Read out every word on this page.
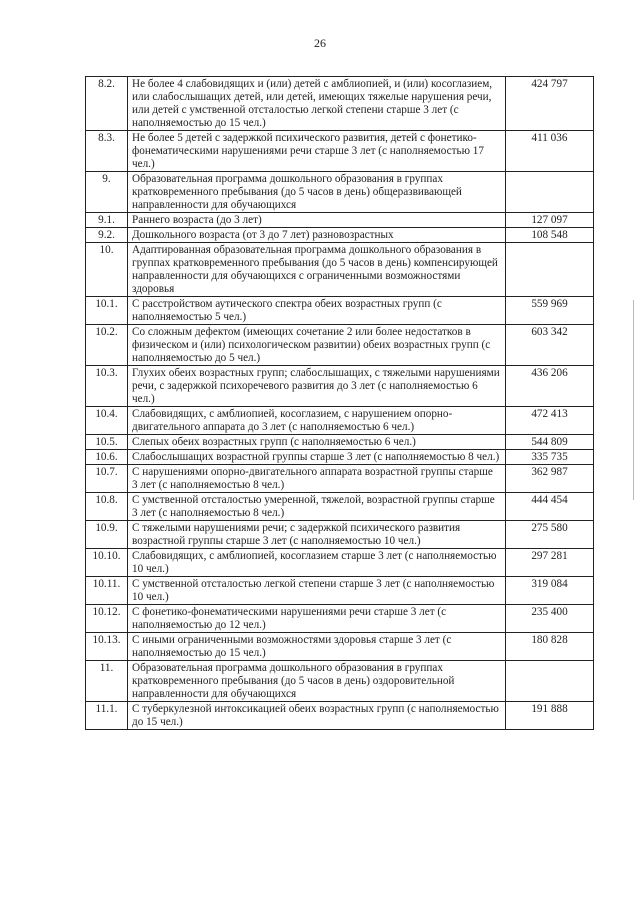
26
8.2.	Не более 4 слабовидящих и (или) детей с амблиопией, и (или) косоглазием, или слабослышащих детей, или детей, имеющих тяжелые нарушения речи, или детей с умственной отсталостью легкой степени старше 3 лет (с наполняемостью до 15 чел.)	424 797
8.3.	Не более 5 детей с задержкой психического развития, детей с фонетико-фонематическими нарушениями речи старше 3 лет (с наполняемостью 17 чел.)	411 036
9.	Образовательная программа дошкольного образования в группах кратковременного пребывания (до 5 часов в день) общеразвивающей направленности для обучающихся	
9.1.	Раннего возраста (до 3 лет)	127 097
9.2.	Дошкольного возраста (от 3 до 7 лет) разновозрастных	108 548
10.	Адаптированная образовательная программа дошкольного образования в группах кратковременного пребывания (до 5 часов в день) компенсирующей направленности для обучающихся с ограниченными возможностями здоровья	
10.1.	С расстройством аутического спектра обеих возрастных групп (с наполняемостью 5 чел.)	559 969
10.2.	Со сложным дефектом (имеющих сочетание 2 или более недостатков в физическом и (или) психологическом развитии) обеих возрастных групп (с наполняемостью до 5 чел.)	603 342
10.3.	Глухих обеих возрастных групп; слабослышащих, с тяжелыми нарушениями речи, с задержкой психоречевого развития до 3 лет (с наполняемостью 6 чел.)	436 206
10.4.	Слабовидящих, с амблиопией, косоглазием, с нарушением опорно-двигательного аппарата до 3 лет (с наполняемостью 6 чел.)	472 413
10.5.	Слепых обеих возрастных групп (с наполняемостью 6 чел.)	544 809
10.6.	Слабослышащих возрастной группы старше 3 лет (с наполняемостью 8 чел.)	335 735
10.7.	С нарушениями опорно-двигательного аппарата возрастной группы старше 3 лет (с наполняемостью 8 чел.)	362 987
10.8.	С умственной отсталостью умеренной, тяжелой, возрастной группы старше 3 лет (с наполняемостью 8 чел.)	444 454
10.9.	С тяжелыми нарушениями речи; с задержкой психического развития возрастной группы старше 3 лет (с наполняемостью 10 чел.)	275 580
10.10.	Слабовидящих, с амблиопией, косоглазием старше 3 лет (с наполняемостью 10 чел.)	297 281
10.11.	С умственной отсталостью легкой степени старше 3 лет (с наполняемостью 10 чел.)	319 084
10.12.	С фонетико-фонематическими нарушениями речи старше 3 лет (с наполняемостью до 12 чел.)	235 400
10.13.	С иными ограниченными возможностями здоровья старше 3 лет (с наполняемостью до 15 чел.)	180 828
11.	Образовательная программа дошкольного образования в группах кратковременного пребывания (до 5 часов в день) оздоровительной направленности для обучающихся	
11.1.	С туберкулезной интоксикацией обеих возрастных групп (с наполняемостью до 15 чел.)	191 888
